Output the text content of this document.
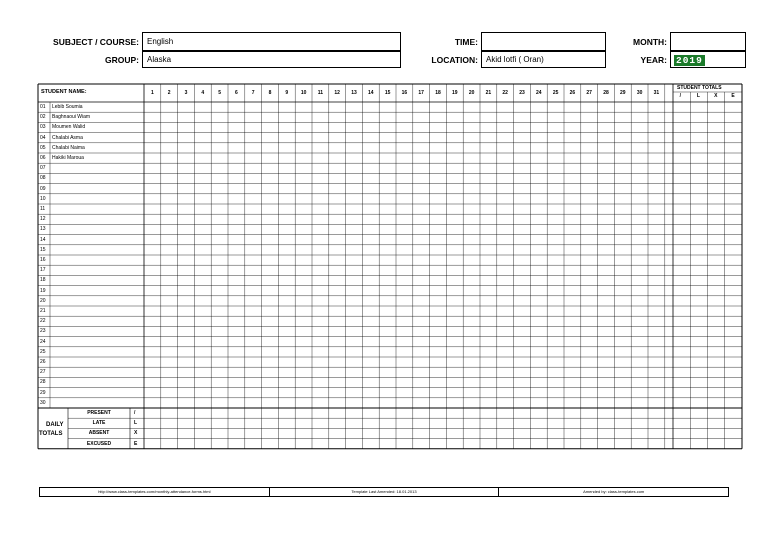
SUBJECT / COURSE:	English
GROUP:	Alaska
TIME:
LOCATION:	Akid lotfi ( Oran)
MONTH:
YEAR: 2019
STUDENT NAME:	1	2	3	4	5	6	7	8	9	10	11	12	13	14	15	16	17	18	19	20	21	22	23	24	25	26	27	28	29	30	31
STUDENT TOTALS
/	L	X	E
01 Lebib Soumia
02 Baghnaoui Wiam
03 Moumen Walid
04 Chalabi Asma
05 Chalabi Naima
06 Hakiki Maroua
07
08
09
10
11
12
13
14
15
16
17
18
19
20
21
22
23
24
25
26
27
28
29
30
DAILY
TOTALS
PRESENT	/
LATE	L
ABSENT	X
EXCUSED	E
http://www.class-templates.com/monthly-attendance-forms.html	Template Last Amended: 18.01.2013	Amended by: class-templates.com
